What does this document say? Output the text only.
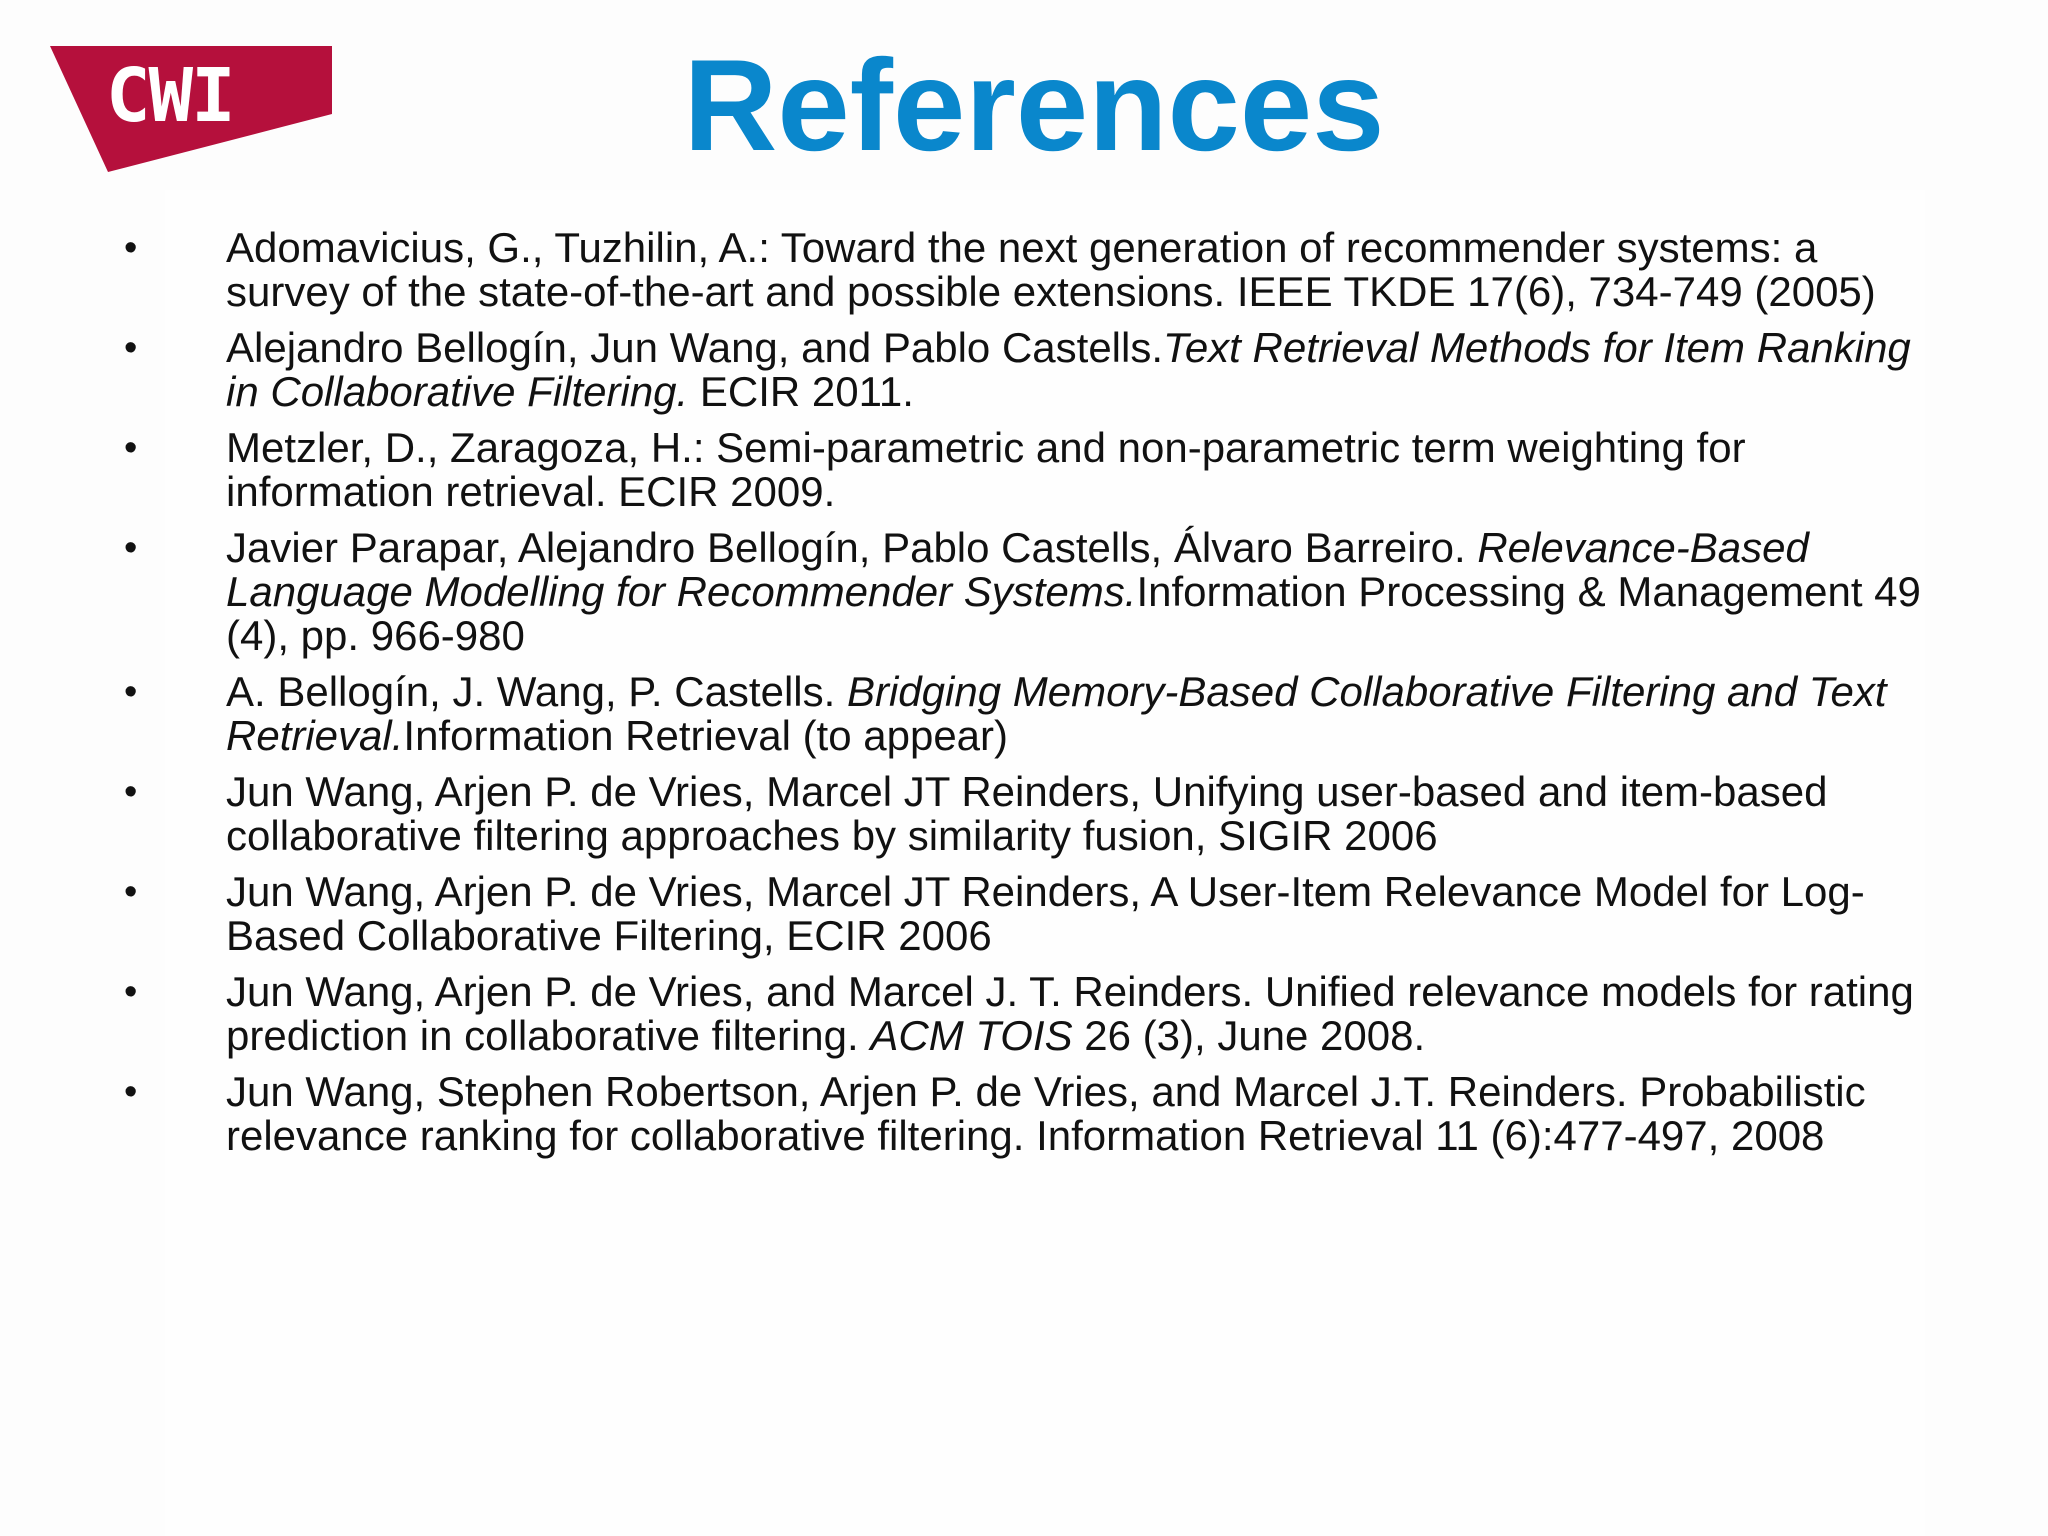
CWI	References
• Adomavicius, G., Tuzhilin, A.: Toward the next generation of recommender systems: a survey of the state-of-the-art and possible extensions. IEEE TKDE 17(6), 734-749 (2005)
• Alejandro Bellogín, Jun Wang, and Pablo Castells.Text Retrieval Methods for Item Ranking in Collaborative Filtering. ECIR 2011.
• Metzler, D., Zaragoza, H.: Semi-parametric and non-parametric term weighting for information retrieval. ECIR 2009.
• Javier Parapar, Alejandro Bellogín, Pablo Castells, Álvaro Barreiro. Relevance-Based Language Modelling for Recommender Systems.Information Processing & Management 49 (4), pp. 966-980
• A. Bellogín, J. Wang, P. Castells. Bridging Memory-Based Collaborative Filtering and Text Retrieval.Information Retrieval (to appear)
• Jun Wang, Arjen P. de Vries, Marcel JT Reinders, Unifying user-based and item-based collaborative filtering approaches by similarity fusion, SIGIR 2006
• Jun Wang, Arjen P. de Vries, Marcel JT Reinders, A User-Item Relevance Model for Log-Based Collaborative Filtering, ECIR 2006
• Jun Wang, Arjen P. de Vries, and Marcel J. T. Reinders. Unified relevance models for rating prediction in collaborative filtering. ACM TOIS 26 (3), June 2008.
• Jun Wang, Stephen Robertson, Arjen P. de Vries, and Marcel J.T. Reinders. Probabilistic relevance ranking for collaborative filtering. Information Retrieval 11 (6):477-497, 2008
